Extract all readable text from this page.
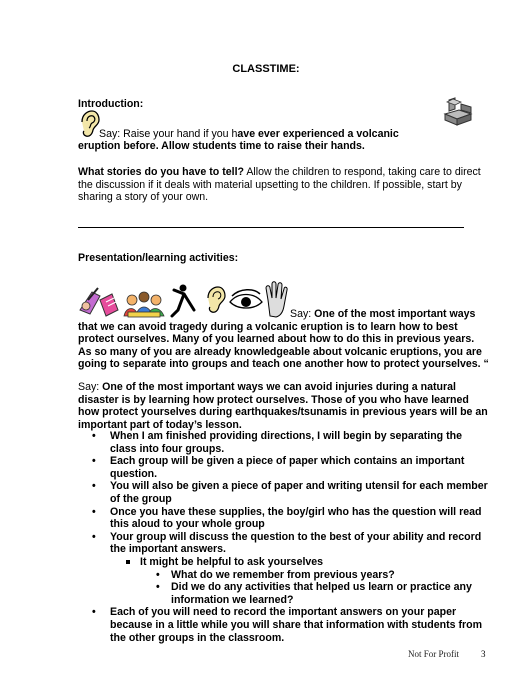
CLASSTIME:
Introduction:
Say: Raise your hand if you have ever experienced a volcanic
eruption before. Allow students time to raise their hands.

What stories do you have to tell? Allow the children to respond, taking care to direct

the discussion if it deals with material upsetting to the children. If possible, start by

sharing a story of your own.

Presentation/learning activities:

Say: One of the most important ways

that we can avoid tragedy during a volcanic eruption is to learn how to best

protect ourselves. Many of you learned about how to do this in previous years.

As so many of you are already knowledgeable about volcanic eruptions, you are

going to separate into groups and teach one another how to protect yourselves. “

Say: One of the most important ways we can avoid injuries during a natural

disaster is by learning how protect ourselves. Those of you who have learned

how protect yourselves during earthquakes/tsunamis in previous years will be an

important part of today’s lesson.

• When I am finished providing directions, I will begin by separating the

class into four groups.

• Each group will be given a piece of paper which contains an important

question.

• You will also be given a piece of paper and writing utensil for each member

of the group

• Once you have these supplies, the boy/girl who has the question will read

this aloud to your whole group

• Your group will discuss the question to the best of your ability and record

the important answers.

It might be helpful to ask yourselves

• What do we remember from previous years?

• Did we do any activities that helped us learn or practice any

information we learned?

• Each of you will need to record the important answers on your paper

because in a little while you will share that information with students from

the other groups in the classroom.

Not For Profit 3
